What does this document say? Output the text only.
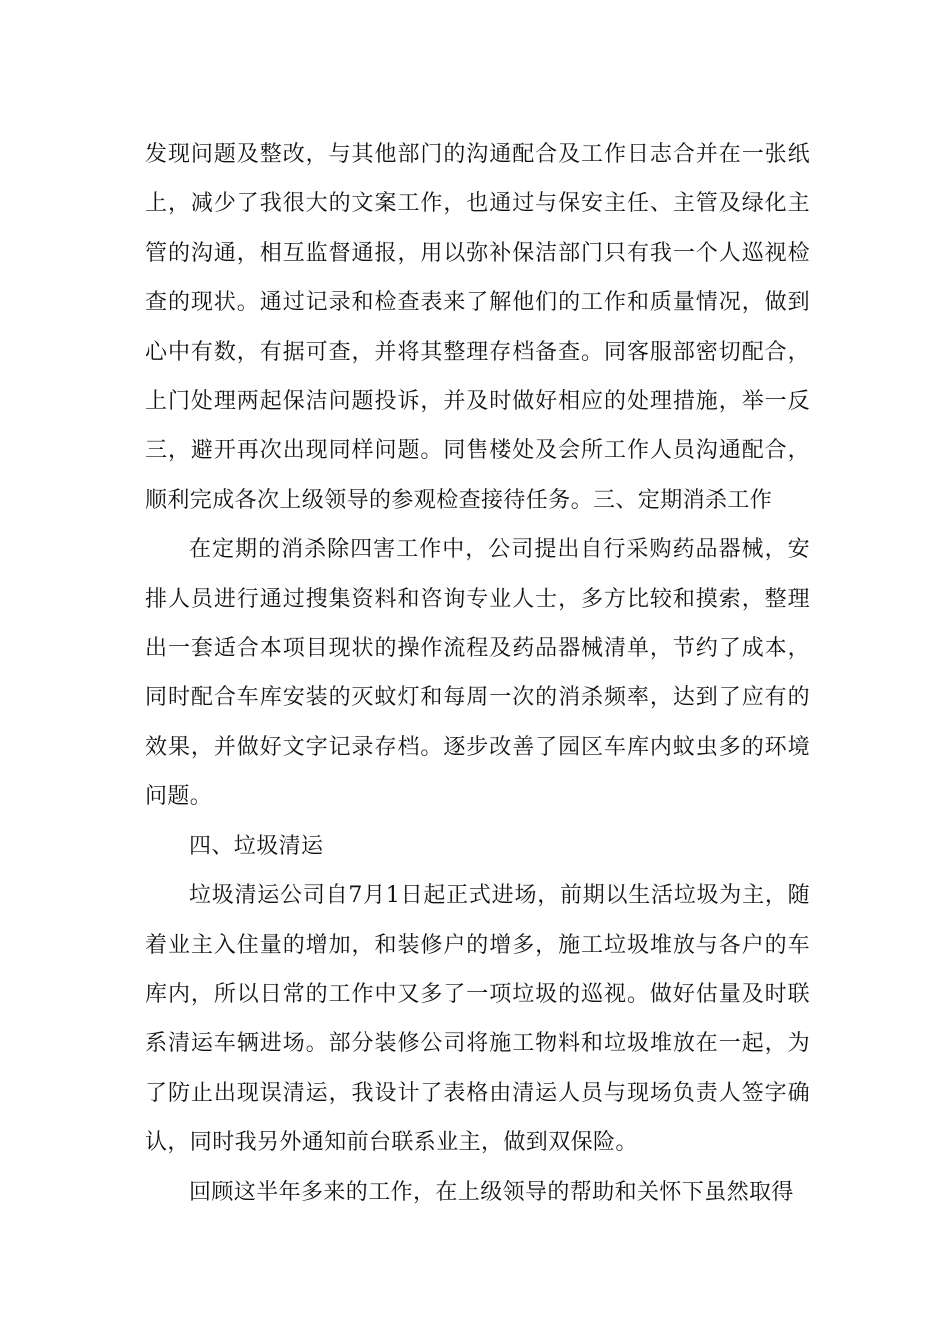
发现问题及整改，与其他部门的沟通配合及工作日志合并在一张纸上，减少了我很大的文案工作，也通过与保安主任、主管及绿化主管的沟通，相互监督通报，用以弥补保洁部门只有我一个人巡视检查的现状。通过记录和检查表来了解他们的工作和质量情况，做到心中有数，有据可查，并将其整理存档备查。同客服部密切配合，上门处理两起保洁问题投诉，并及时做好相应的处理措施，举一反三，避开再次出现同样问题。同售楼处及会所工作人员沟通配合，顺利完成各次上级领导的参观检查接待任务。三、定期消杀工作

在定期的消杀除四害工作中，公司提出自行采购药品器械，安排人员进行通过搜集资料和咨询专业人士，多方比较和摸索，整理出一套适合本项目现状的操作流程及药品器械清单，节约了成本，同时配合车库安装的灭蚊灯和每周一次的消杀频率，达到了应有的效果，并做好文字记录存档。逐步改善了园区车库内蚊虫多的环境问题。

四、垃圾清运

垃圾清运公司自7月1日起正式进场，前期以生活垃圾为主，随着业主入住量的增加，和装修户的增多，施工垃圾堆放与各户的车库内，所以日常的工作中又多了一项垃圾的巡视。做好估量及时联系清运车辆进场。部分装修公司将施工物料和垃圾堆放在一起，为了防止出现误清运，我设计了表格由清运人员与现场负责人签字确认，同时我另外通知前台联系业主，做到双保险。

回顾这半年多来的工作，在上级领导的帮助和关怀下虽然取得
